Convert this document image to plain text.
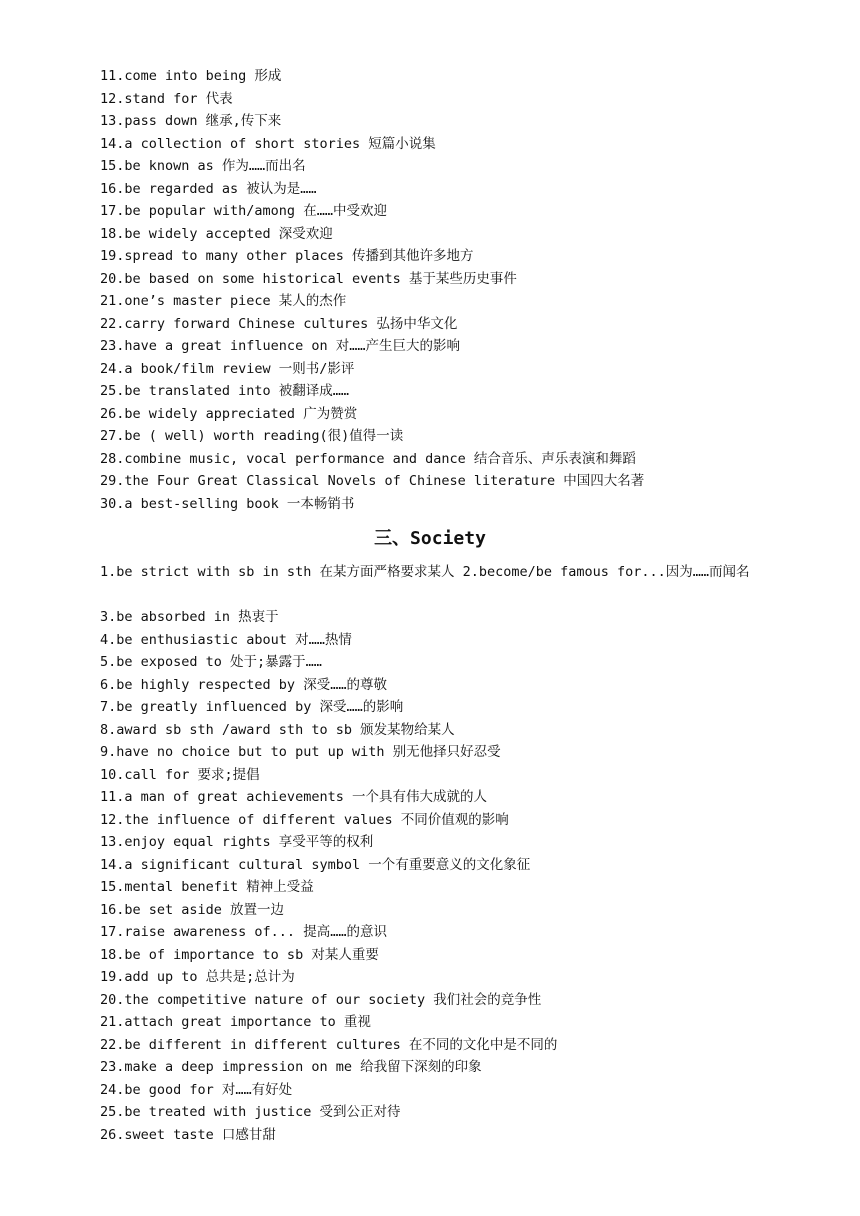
11.come into being 形成
12.stand for 代表
13.pass down 继承,传下来
14.a collection of short stories 短篇小说集
15.be known as 作为……而出名
16.be regarded as 被认为是……
17.be popular with/among 在……中受欢迎
18.be widely accepted 深受欢迎
19.spread to many other places 传播到其他许多地方
20.be based on some historical events 基于某些历史事件
21.one’s master piece 某人的杰作
22.carry forward Chinese cultures 弘扬中华文化
23.have a great influence on 对……产生巨大的影响
24.a book/film review 一则书/影评
25.be translated into 被翻译成……
26.be widely appreciated 广为赞赏
27.be ( well) worth reading(很)值得一读
28.combine music, vocal performance and dance 结合音乐、声乐表演和舞蹈
29.the Four Great Classical Novels of Chinese literature 中国四大名著
30.a best-selling book 一本畅销书
三、Society
1.be strict with sb in sth 在某方面严格要求某人 2.become/be famous for...因为……而闻名
3.be absorbed in 热衷于
4.be enthusiastic about 对……热情
5.be exposed to 处于;暴露于……
6.be highly respected by 深受……的尊敬
7.be greatly influenced by 深受……的影响
8.award sb sth /award sth to sb 颁发某物给某人
9.have no choice but to put up with 别无他择只好忍受
10.call for 要求;提倡
11.a man of great achievements 一个具有伟大成就的人
12.the influence of different values 不同价值观的影响
13.enjoy equal rights 享受平等的权利
14.a significant cultural symbol 一个有重要意义的文化象征
15.mental benefit 精神上受益
16.be set aside 放置一边
17.raise awareness of... 提高……的意识
18.be of importance to sb 对某人重要
19.add up to 总共是;总计为
20.the competitive nature of our society 我们社会的竞争性
21.attach great importance to 重视
22.be different in different cultures 在不同的文化中是不同的
23.make a deep impression on me 给我留下深刻的印象
24.be good for 对……有好处
25.be treated with justice 受到公正对待
26.sweet taste 口感甘甜
